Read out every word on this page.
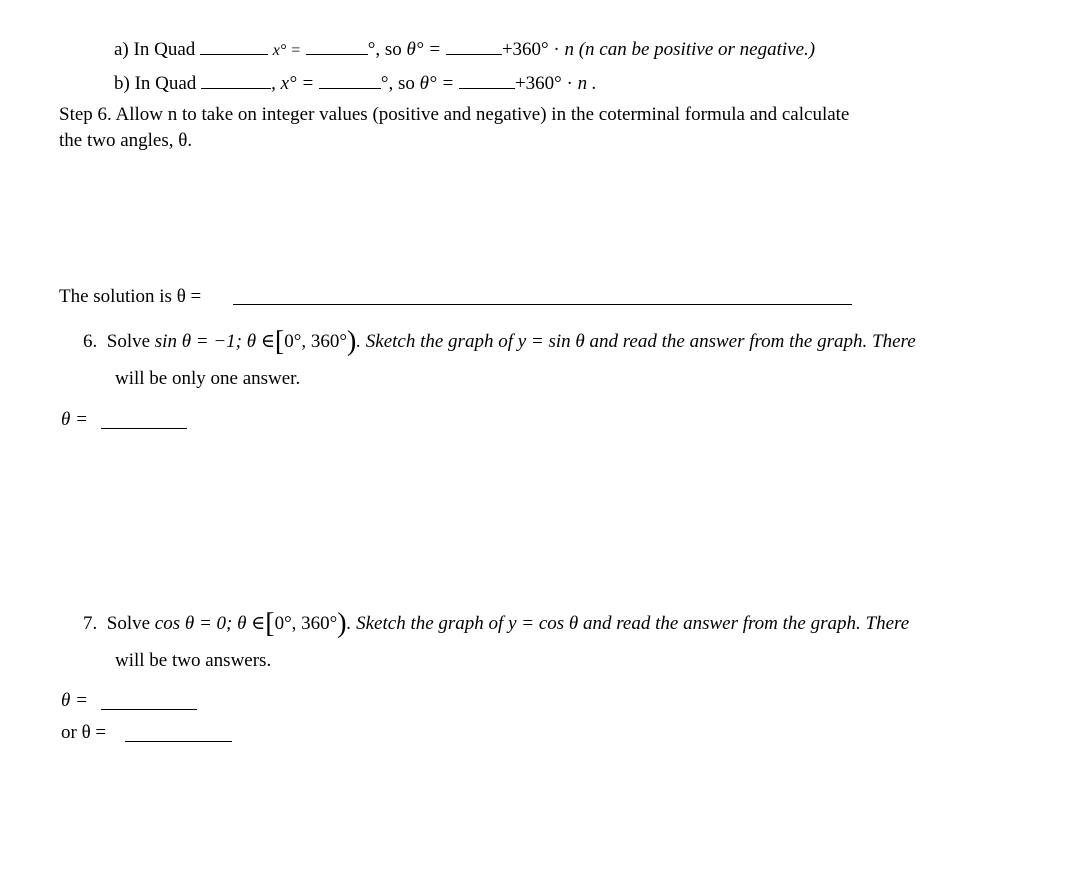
a) In Quad	x° =	°, so θ° =	+360° · n (n can be positive or negative.)
b) In Quad	, x° =	°, so θ° =	+360° · n .
Step 6. Allow n to take on integer values (positive and negative) in the coterminal formula and calculate
the two angles, θ.
The solution is θ =
6. Solve sin θ = −1; θ ∈[0°, 360°). Sketch the graph of y = sin θ and read the answer from the graph. There
will be only one answer.
θ =
7. Solve cos θ = 0; θ ∈[0°, 360°). Sketch the graph of y = cos θ and read the answer from the graph. There
will be two answers.
θ =
or θ =
